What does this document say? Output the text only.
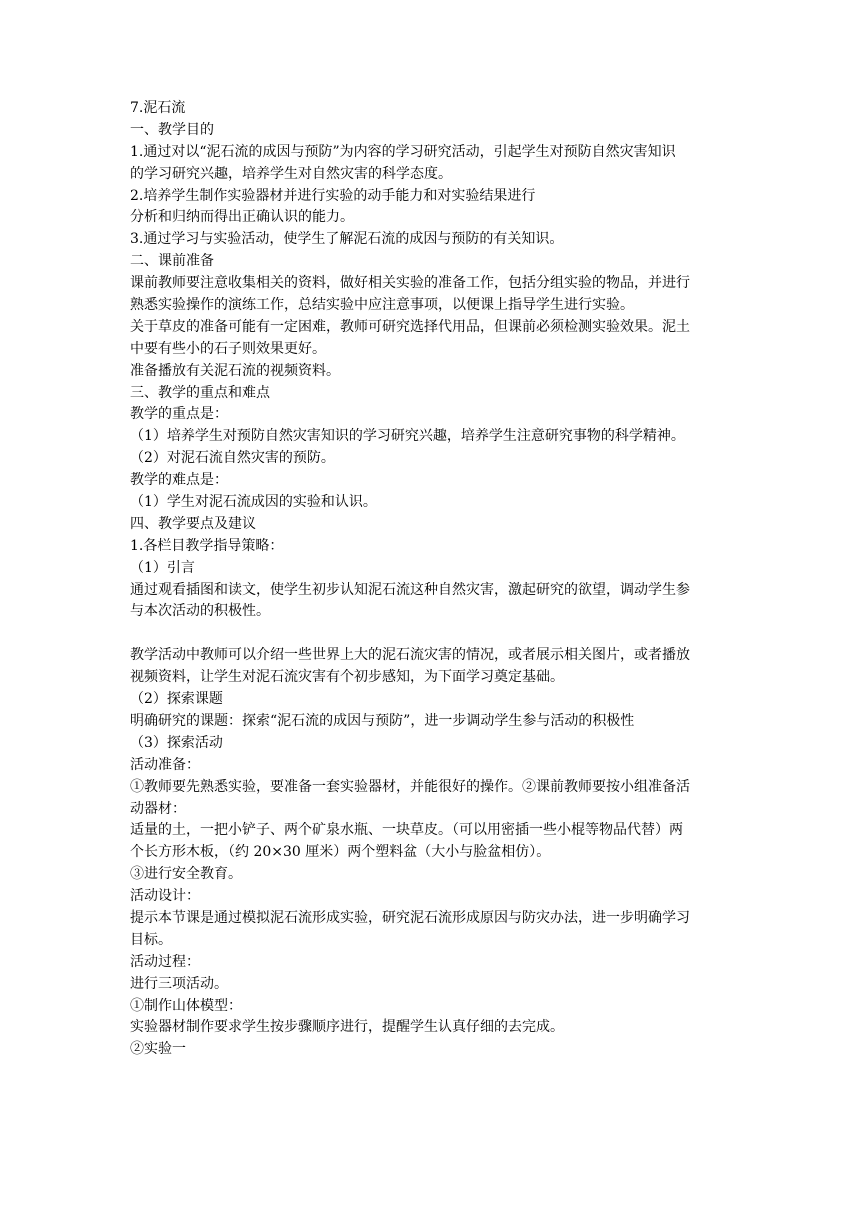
7.泥石流
一、教学目的
1.通过对以“泥石流的成因与预防”为内容的学习研究活动，引起学生对预防自然灾害知识
的学习研究兴趣，培养学生对自然灾害的科学态度。
2.培养学生制作实验器材并进行实验的动手能力和对实验结果进行
分析和归纳而得出正确认识的能力。
3.通过学习与实验活动，使学生了解泥石流的成因与预防的有关知识。
二、课前准备
课前教师要注意收集相关的资料，做好相关实验的准备工作，包括分组实验的物品，并进行
熟悉实验操作的演练工作，总结实验中应注意事项，以便课上指导学生进行实验。
关于草皮的准备可能有一定困难，教师可研究选择代用品，但课前必须检测实验效果。泥土
中要有些小的石子则效果更好。
准备播放有关泥石流的视频资料。
三、教学的重点和难点
教学的重点是：
（1）培养学生对预防自然灾害知识的学习研究兴趣，培养学生注意研究事物的科学精神。
（2）对泥石流自然灾害的预防。
教学的难点是：
（1）学生对泥石流成因的实验和认识。
四、教学要点及建议
1.各栏目教学指导策略：
（1）引言
通过观看插图和读文，使学生初步认知泥石流这种自然灾害，激起研究的欲望，调动学生参
与本次活动的积极性。
教学活动中教师可以介绍一些世界上大的泥石流灾害的情况，或者展示相关图片，或者播放
视频资料，让学生对泥石流灾害有个初步感知，为下面学习奠定基础。
（2）探索课题
明确研究的课题：探索“泥石流的成因与预防”，进一步调动学生参与活动的积极性
（3）探索活动
活动准备：
①教师要先熟悉实验，要准备一套实验器材，并能很好的操作。②课前教师要按小组准备活
动器材：
适量的土，一把小铲子、两个矿泉水瓶、一块草皮。（可以用密插一些小棍等物品代替）两
个长方形木板，（约 20×30 厘米）两个塑料盆（大小与脸盆相仿）。
③进行安全教育。
活动设计：
提示本节课是通过模拟泥石流形成实验，研究泥石流形成原因与防灾办法，进一步明确学习
目标。
活动过程：
进行三项活动。
①制作山体模型：
实验器材制作要求学生按步骤顺序进行，提醒学生认真仔细的去完成。
②实验一
